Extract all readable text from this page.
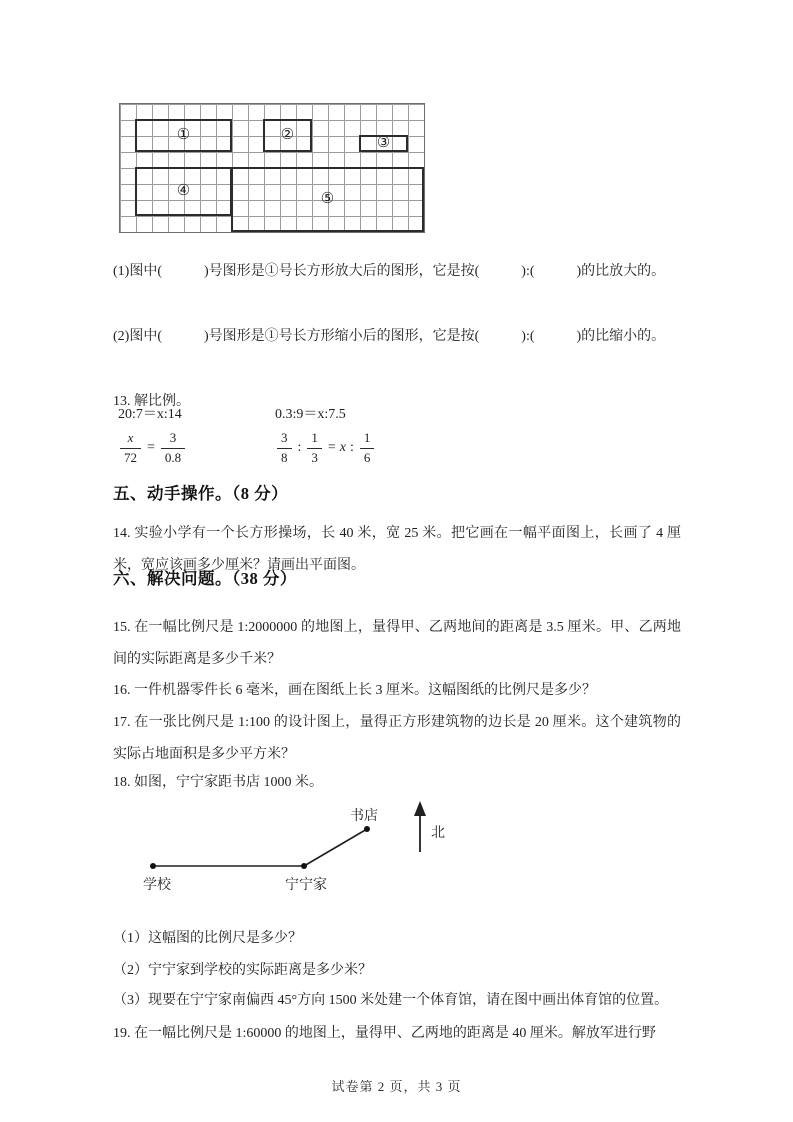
①	②	③
④	⑤

(1)图中(　　　)号图形是①号长方形放大后的图形，它是按(　　　):(　　　)的比放大的。

(2)图中(　　　)号图形是①号长方形缩小后的图形，它是按(　　　):(　　　)的比缩小的。

13. 解比例。

20:7＝x:14	0.3:9＝x:7.5
$\frac{x}{72} = \frac{3}{0.8}$	$\frac{3}{8}$ : $\frac{1}{3} = x$ : $\frac{1}{6}$
五、动手操作。（8 分）

14. 实验小学有一个长方形操场，长 40 米，宽 25 米。把它画在一幅平面图上，长画了 4 厘米，宽应该画多少厘米？请画出平面图。

六、解决问题。（38 分）

15. 在一幅比例尺是 1:2000000 的地图上，量得甲、乙两地间的距离是 3.5 厘米。甲、乙两地间的实际距离是多少千米？

16. 一件机器零件长 6 毫米，画在图纸上长 3 厘米。这幅图纸的比例尺是多少？

17. 在一张比例尺是 1:100 的设计图上，量得正方形建筑物的边长是 20 厘米。这个建筑物的实际占地面积是多少平方米？

18. 如图，宁宁家距书店 1000 米。

学校	宁宁家
书店
北

（1）这幅图的比例尺是多少？

（2）宁宁家到学校的实际距离是多少米？

（3）现要在宁宁家南偏西 45°方向 1500 米处建一个体育馆，请在图中画出体育馆的位置。

19. 在一幅比例尺是 1:60000 的地图上，量得甲、乙两地的距离是 40 厘米。解放军进行野

试卷第 2 页，共 3 页
